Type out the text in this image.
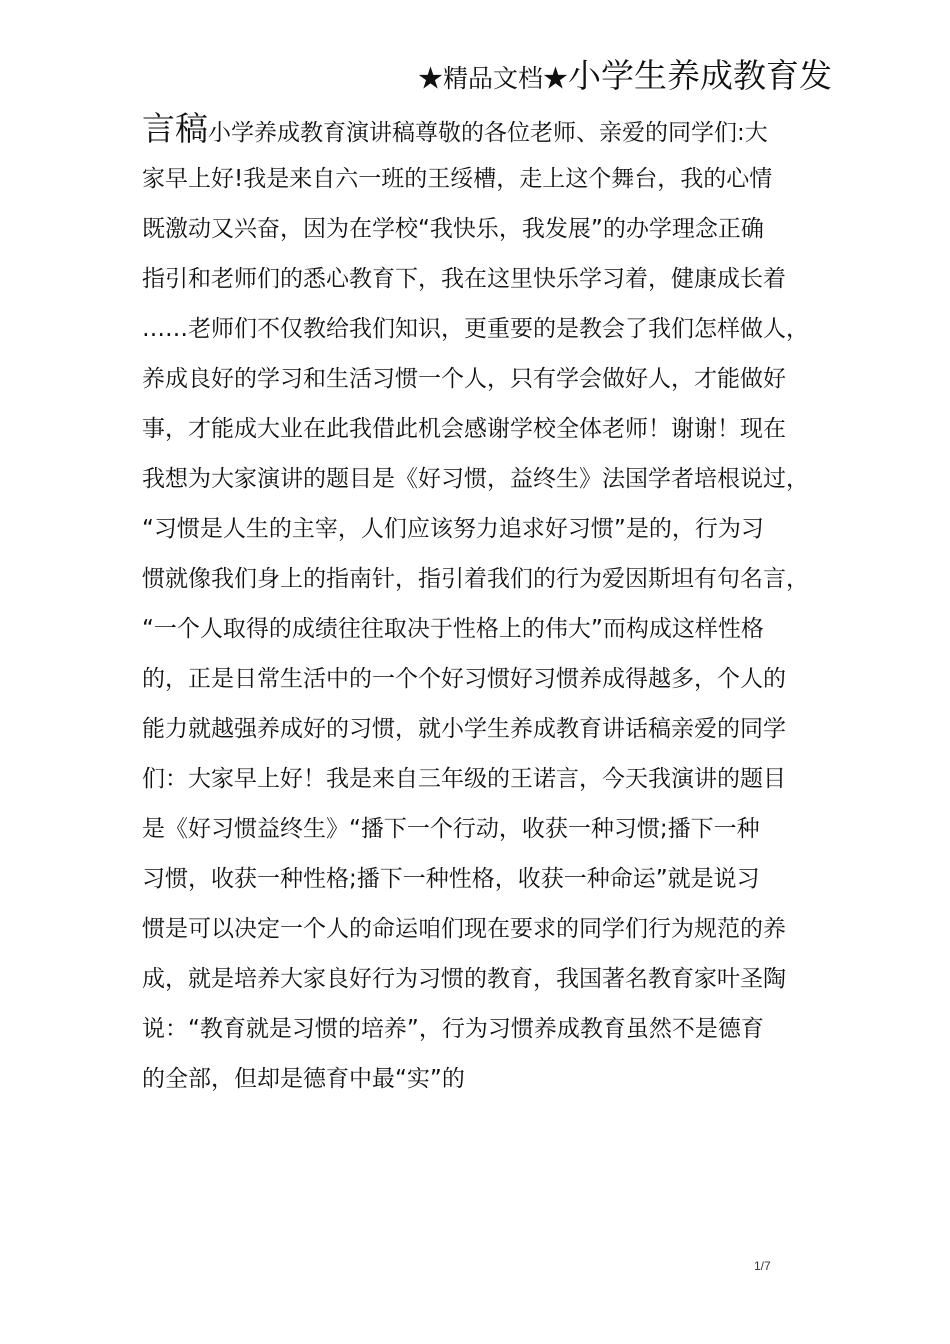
★精品文档★小学生养成教育发
言稿小学养成教育演讲稿尊敬的各位老师、亲爱的同学们:大
家早上好!我是来自六一班的王绥槽，走上这个舞台，我的心情
既激动又兴奋，因为在学校“我快乐，我发展”的办学理念正确
指引和老师们的悉心教育下，我在这里快乐学习着，健康成长着
……老师们不仅教给我们知识，更重要的是教会了我们怎样做人，
养成良好的学习和生活习惯一个人，只有学会做好人，才能做好
事，才能成大业在此我借此机会感谢学校全体老师！谢谢！现在
我想为大家演讲的题目是《好习惯，益终生》法国学者培根说过，
“习惯是人生的主宰，人们应该努力追求好习惯”是的，行为习
惯就像我们身上的指南针，指引着我们的行为爱因斯坦有句名言，
“一个人取得的成绩往往取决于性格上的伟大”而构成这样性格
的，正是日常生活中的一个个好习惯好习惯养成得越多，个人的
能力就越强养成好的习惯，就小学生养成教育讲话稿亲爱的同学
们：大家早上好！我是来自三年级的王诺言，今天我演讲的题目
是《好习惯益终生》“播下一个行动，收获一种习惯;播下一种
习惯，收获一种性格;播下一种性格，收获一种命运”就是说习
惯是可以决定一个人的命运咱们现在要求的同学们行为规范的养
成，就是培养大家良好行为习惯的教育，我国著名教育家叶圣陶
说：“教育就是习惯的培养”，行为习惯养成教育虽然不是德育
的全部，但却是德育中最“实”的
1/7
